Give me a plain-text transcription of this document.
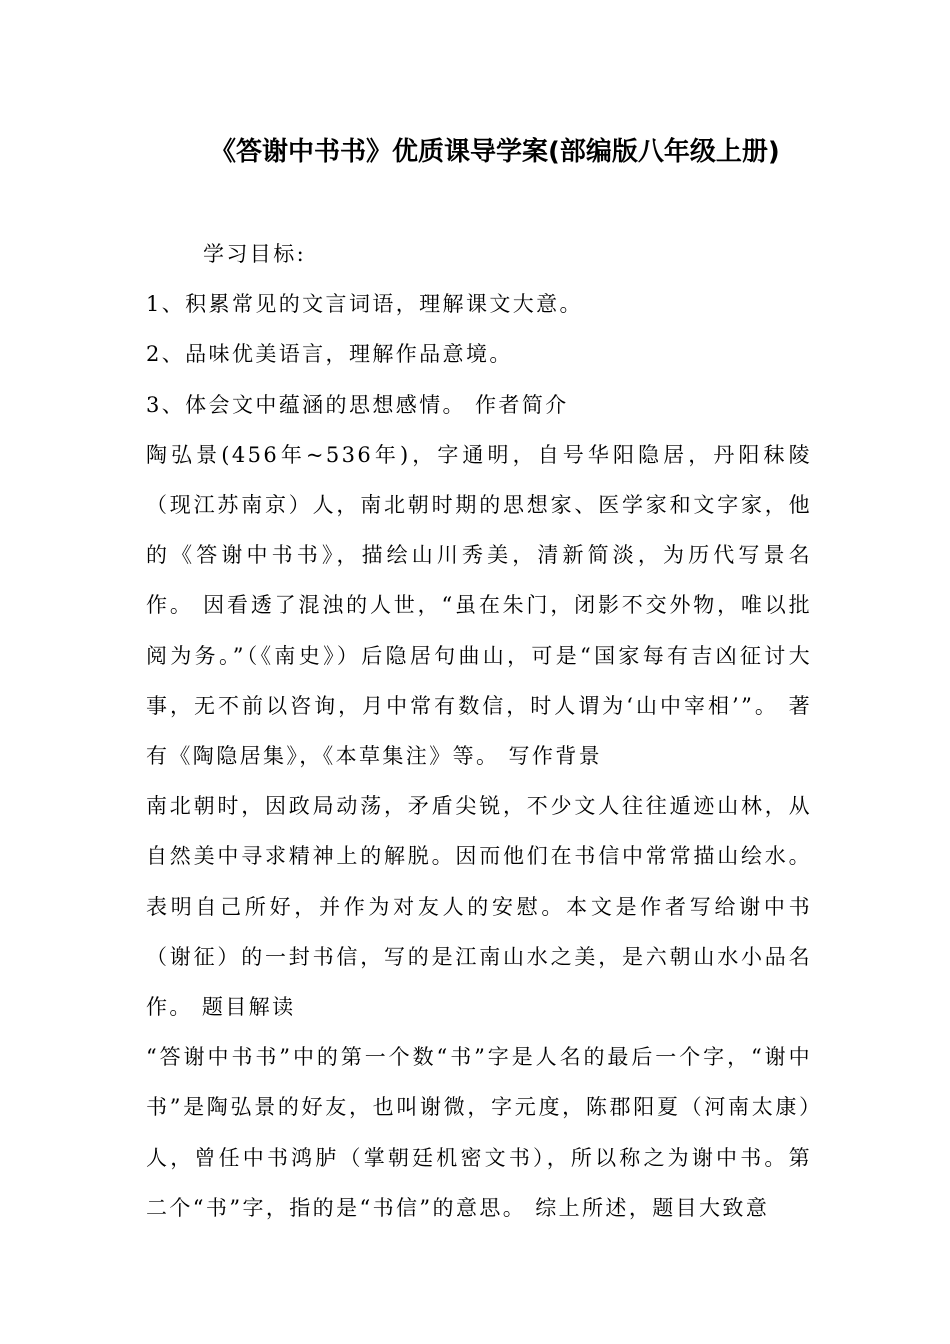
《答谢中书书》优质课导学案(部编版八年级上册)

学习目标:

1、积累常见的文言词语，理解课文大意。

2、品味优美语言，理解作品意境。

3、体会文中蕴涵的思想感情。 作者简介

陶弘景(456年~536年)，字通明，自号华阳隐居，丹阳秣陵（现江苏南京）人，南北朝时期的思想家、医学家和文字家，他的《答谢中书书》，描绘山川秀美，清新简淡，为历代写景名作。 因看透了混浊的人世，“虽在朱门，闭影不交外物，唯以批阅为务。”（《南史》）后隐居句曲山，可是“国家每有吉凶征讨大事，无不前以咨询，月中常有数信，时人谓为‘山中宰相’”。 著有《陶隐居集》，《本草集注》等。 写作背景

南北朝时，因政局动荡，矛盾尖锐，不少文人往往遁迹山林，从自然美中寻求精神上的解脱。因而他们在书信中常常描山绘水。表明自己所好，并作为对友人的安慰。本文是作者写给谢中书（谢征）的一封书信，写的是江南山水之美，是六朝山水小品名作。 题目解读

“答谢中书书”中的第一个数“书”字是人名的最后一个字，“谢中书”是陶弘景的好友，也叫谢微，字元度，陈郡阳夏（河南太康）人，曾任中书鸿胪（掌朝廷机密文书），所以称之为谢中书。第二个“书”字，指的是“书信”的意思。 综上所述，题目大致意
